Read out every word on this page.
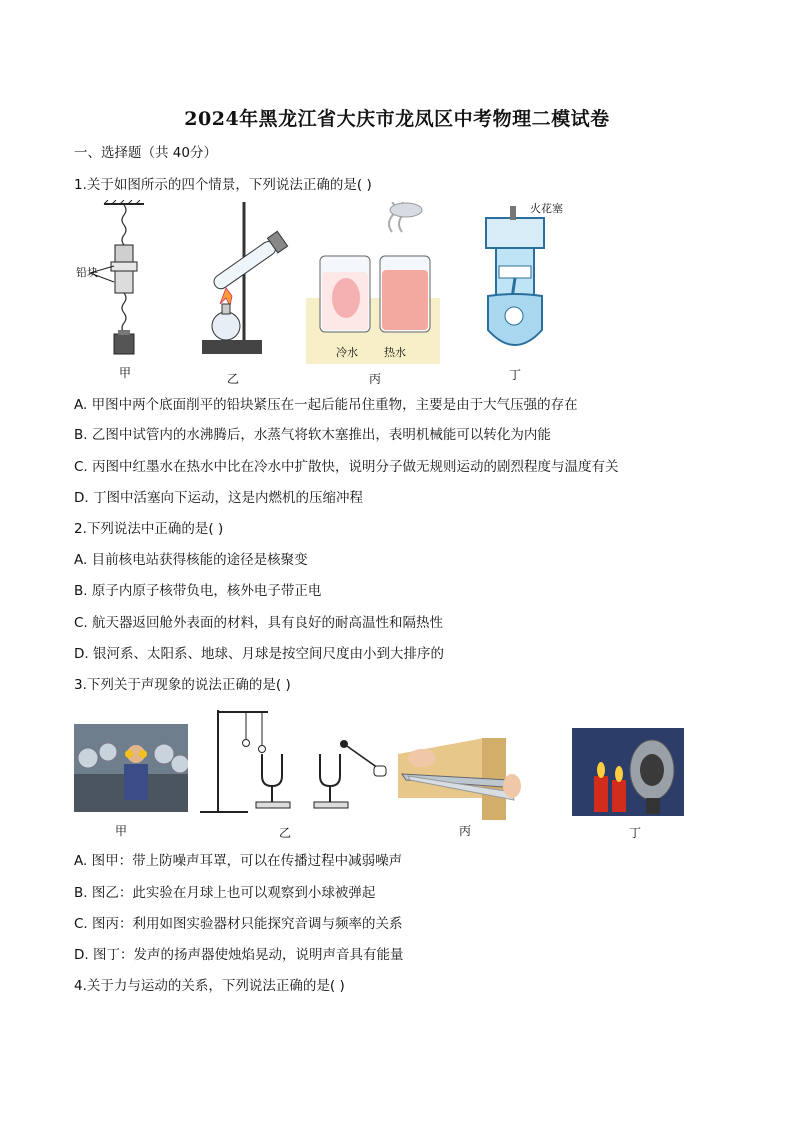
2024年黑龙江省大庆市龙凤区中考物理二模试卷
一、选择题（共 40分）
1.关于如图所示的四个情景，下列说法正确的是( )
铅块
甲	乙
冷水 热水
丙
火花塞
丁
A. 甲图中两个底面削平的铅块紧压在一起后能吊住重物，主要是由于大气压强的存在
B. 乙图中试管内的水沸腾后，水蒸气将软木塞推出，表明机械能可以转化为内能
C. 丙图中红墨水在热水中比在冷水中扩散快，说明分子做无规则运动的剧烈程度与温度有关
D. 丁图中活塞向下运动，这是内燃机的压缩冲程
2.下列说法中正确的是( )
A. 目前核电站获得核能的途径是核聚变
B. 原子内原子核带负电，核外电子带正电
C. 航天器返回舱外表面的材料，具有良好的耐高温性和隔热性
D. 银河系、太阳系、地球、月球是按空间尺度由小到大排序的
3.下列关于声现象的说法正确的是( )
甲	乙	丙	丁
A. 图甲：带上防噪声耳罩，可以在传播过程中减弱噪声
B. 图乙：此实验在月球上也可以观察到小球被弹起
C. 图丙：利用如图实验器材只能探究音调与频率的关系
D. 图丁：发声的扬声器使烛焰晃动，说明声音具有能量
4.关于力与运动的关系，下列说法正确的是( )
